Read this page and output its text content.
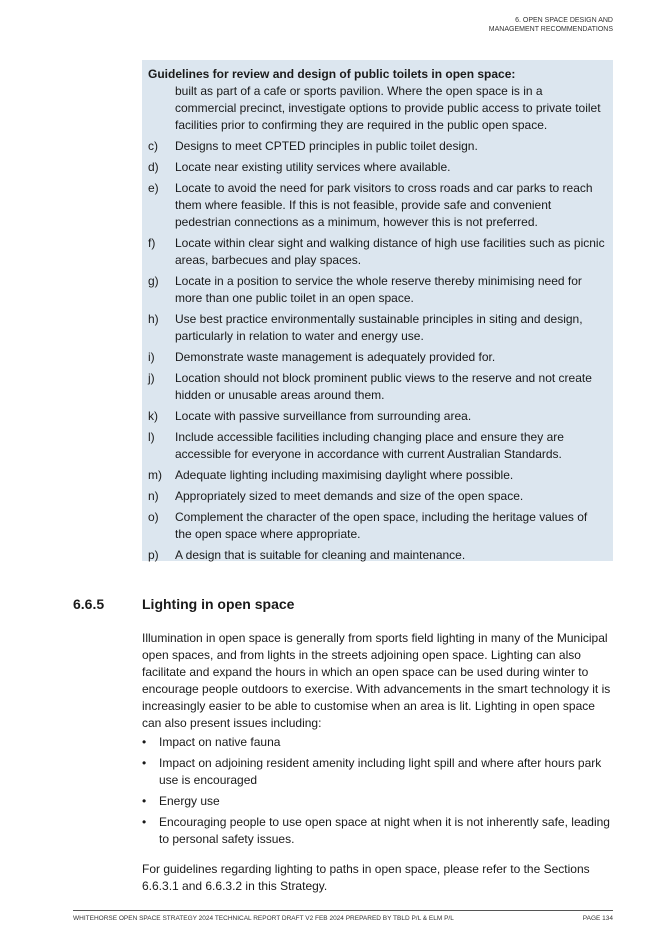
6. OPEN SPACE DESIGN AND
MANAGEMENT RECOMMENDATIONS
Guidelines for review and design of public toilets in open space:
built as part of a cafe or sports pavilion. Where the open space is in a commercial precinct, investigate options to provide public access to private toilet facilities prior to confirming they are required in the public open space.
c)	Designs to meet CPTED principles in public toilet design.
d)	Locate near existing utility services where available.
e)	Locate to avoid the need for park visitors to cross roads and car parks to reach them where feasible. If this is not feasible, provide safe and convenient pedestrian connections as a minimum, however this is not preferred.
f)	Locate within clear sight and walking distance of high use facilities such as picnic areas, barbecues and play spaces.
g)	Locate in a position to service the whole reserve thereby minimising need for more than one public toilet in an open space.
h)	Use best practice environmentally sustainable principles in siting and design, particularly in relation to water and energy use.
i)	Demonstrate waste management is adequately provided for.
j)	Location should not block prominent public views to the reserve and not create hidden or unusable areas around them.
k)	Locate with passive surveillance from surrounding area.
l)	Include accessible facilities including changing place and ensure they are accessible for everyone in accordance with current Australian Standards.
m)	Adequate lighting including maximising daylight where possible.
n)	Appropriately sized to meet demands and size of the open space.
o)	Complement the character of the open space, including the heritage values of the open space where appropriate.
p)	A design that is suitable for cleaning and maintenance.
6.6.5	Lighting in open space

Illumination in open space is generally from sports field lighting in many of the Municipal open spaces, and from lights in the streets adjoining open space. Lighting can also facilitate and expand the hours in which an open space can be used during winter to encourage people outdoors to exercise. With advancements in the smart technology it is increasingly easier to be able to customise when an area is lit. Lighting in open space can also present issues including:

•	Impact on native fauna
•	Impact on adjoining resident amenity including light spill and where after hours park use is encouraged
•	Energy use
•	Encouraging people to use open space at night when it is not inherently safe, leading to personal safety issues.

For guidelines regarding lighting to paths in open space, please refer to the Sections 6.6.3.1 and 6.6.3.2 in this Strategy.

WHITEHORSE OPEN SPACE STRATEGY 2024 TECHNICAL REPORT DRAFT V2 FEB 2024 PREPARED BY TBLD P/L & ELM P/L	PAGE 134
